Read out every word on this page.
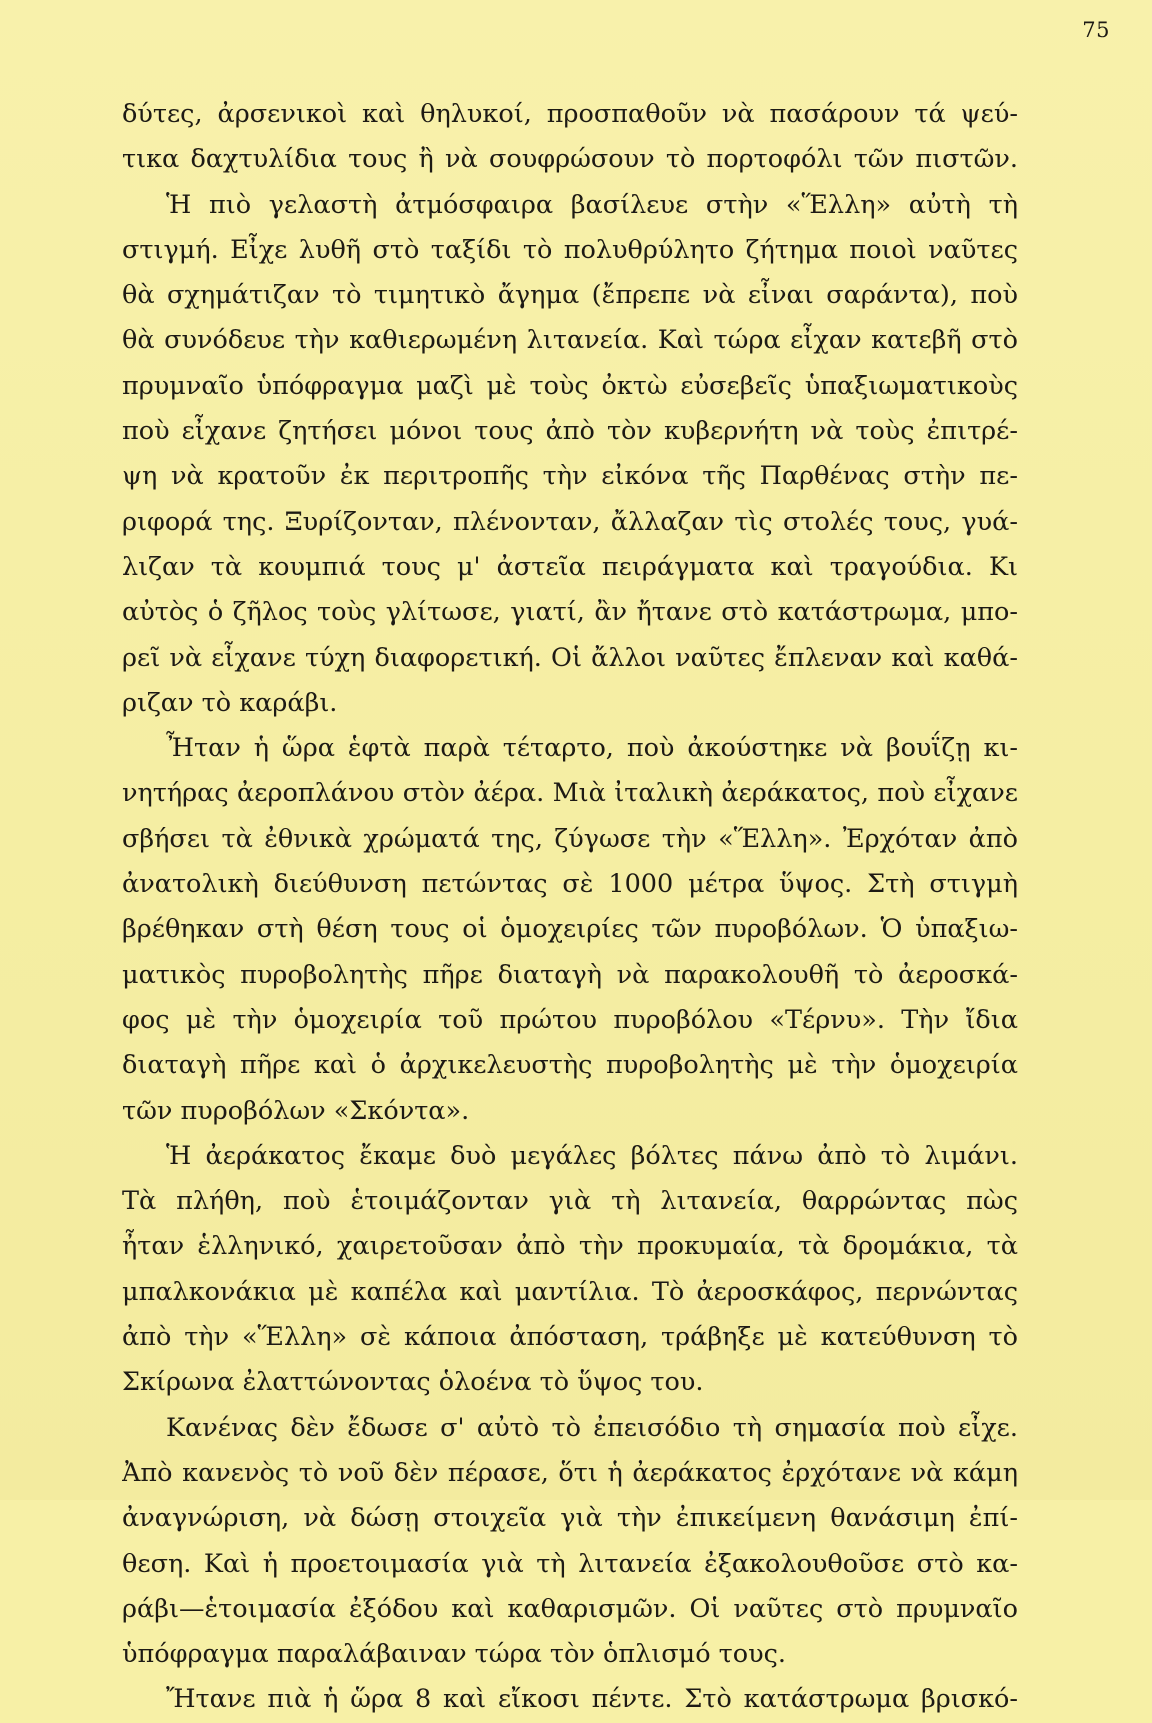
75
δύτες, ἀρσενικοὶ καὶ θηλυκοί, προσπαθοῦν νὰ πασάρουν τά ψεύ-
τικα δαχτυλίδια τους ἢ νὰ σουφρώσουν τὸ πορτοφόλι τῶν πιστῶν.
Ἡ πιὸ γελαστὴ ἀτμόσφαιρα βασίλευε στὴν «Ἕλλη» αὐτὴ τὴ
στιγμή. Εἶχε λυθῆ στὸ ταξίδι τὸ πολυθρύλητο ζήτημα ποιοὶ ναῦτες
θὰ σχημάτιζαν τὸ τιμητικὸ ἄγημα (ἔπρεπε νὰ εἶναι σαράντα), ποὺ
θὰ συνόδευε τὴν καθιερωμένη λιτανεία. Καὶ τώρα εἶχαν κατεβῆ στὸ
πρυμναῖο ὑπόφραγμα μαζὶ μὲ τοὺς ὀκτὼ εὐσεβεῖς ὑπαξιωματικοὺς
ποὺ εἶχανε ζητήσει μόνοι τους ἀπὸ τὸν κυβερνήτη νὰ τοὺς ἐπιτρέ-
ψη νὰ κρατοῦν ἐκ περιτροπῆς τὴν εἰκόνα τῆς Παρθένας στὴν πε-
ριφορά της. Ξυρίζονταν, πλένονταν, ἄλλαζαν τὶς στολές τους, γυά-
λιζαν τὰ κουμπιά τους μ' ἀστεῖα πειράγματα καὶ τραγούδια. Κι
αὐτὸς ὁ ζῆλος τοὺς γλίτωσε, γιατί, ἂν ἤτανε στὸ κατάστρωμα, μπο-
ρεῖ νὰ εἶχανε τύχη διαφορετική. Οἱ ἄλλοι ναῦτες ἔπλεναν καὶ καθά-
ριζαν τὸ καράβι.
Ἦταν ἡ ὥρα ἑφτὰ παρὰ τέταρτο, ποὺ ἀκούστηκε νὰ βουΐζῃ κι-
νητήρας ἀεροπλάνου στὸν ἀέρα. Μιὰ ἰταλικὴ ἀεράκατος, ποὺ εἶχανε
σβήσει τὰ ἐθνικὰ χρώματά της, ζύγωσε τὴν «Ἕλλη». Ἐρχόταν ἀπὸ
ἀνατολικὴ διεύθυνση πετώντας σὲ 1000 μέτρα ὕψος. Στὴ στιγμὴ
βρέθηκαν στὴ θέση τους οἱ ὁμοχειρίες τῶν πυροβόλων. Ὁ ὑπαξιω-
ματικὸς πυροβολητὴς πῆρε διαταγὴ νὰ παρακολουθῆ τὸ ἀεροσκά-
φος μὲ τὴν ὁμοχειρία τοῦ πρώτου πυροβόλου «Τέρνυ». Τὴν ἴδια
διαταγὴ πῆρε καὶ ὁ ἀρχικελευστὴς πυροβολητὴς μὲ τὴν ὁμοχειρία
τῶν πυροβόλων «Σκόντα».
Ἡ ἀεράκατος ἔκαμε δυὸ μεγάλες βόλτες πάνω ἀπὸ τὸ λιμάνι.
Τὰ πλήθη, ποὺ ἑτοιμάζονταν γιὰ τὴ λιτανεία, θαρρώντας πὼς
ἦταν ἑλληνικό, χαιρετοῦσαν ἀπὸ τὴν προκυμαία, τὰ δρομάκια, τὰ
μπαλκονάκια μὲ καπέλα καὶ μαντίλια. Τὸ ἀεροσκάφος, περνώντας
ἀπὸ τὴν «Ἕλλη» σὲ κάποια ἀπόσταση, τράβηξε μὲ κατεύθυνση τὸ
Σκίρωνα ἐλαττώνοντας ὁλοένα τὸ ὕψος του.
Κανένας δὲν ἔδωσε σ' αὐτὸ τὸ ἐπεισόδιο τὴ σημασία ποὺ εἶχε.
Ἀπὸ κανενὸς τὸ νοῦ δὲν πέρασε, ὅτι ἡ ἀεράκατος ἐρχότανε νὰ κάμη
ἀναγνώριση, νὰ δώσῃ στοιχεῖα γιὰ τὴν ἐπικείμενη θανάσιμη ἐπί-
θεση. Καὶ ἡ προετοιμασία γιὰ τὴ λιτανεία ἐξακολουθοῦσε στὸ κα-
ράβι—ἑτοιμασία ἐξόδου καὶ καθαρισμῶν. Οἱ ναῦτες στὸ πρυμναῖο
ὑπόφραγμα παραλάβαιναν τώρα τὸν ὁπλισμό τους.
Ἤτανε πιὰ ἡ ὥρα 8 καὶ εἴκοσι πέντε. Στὸ κατάστρωμα βρισκό-
